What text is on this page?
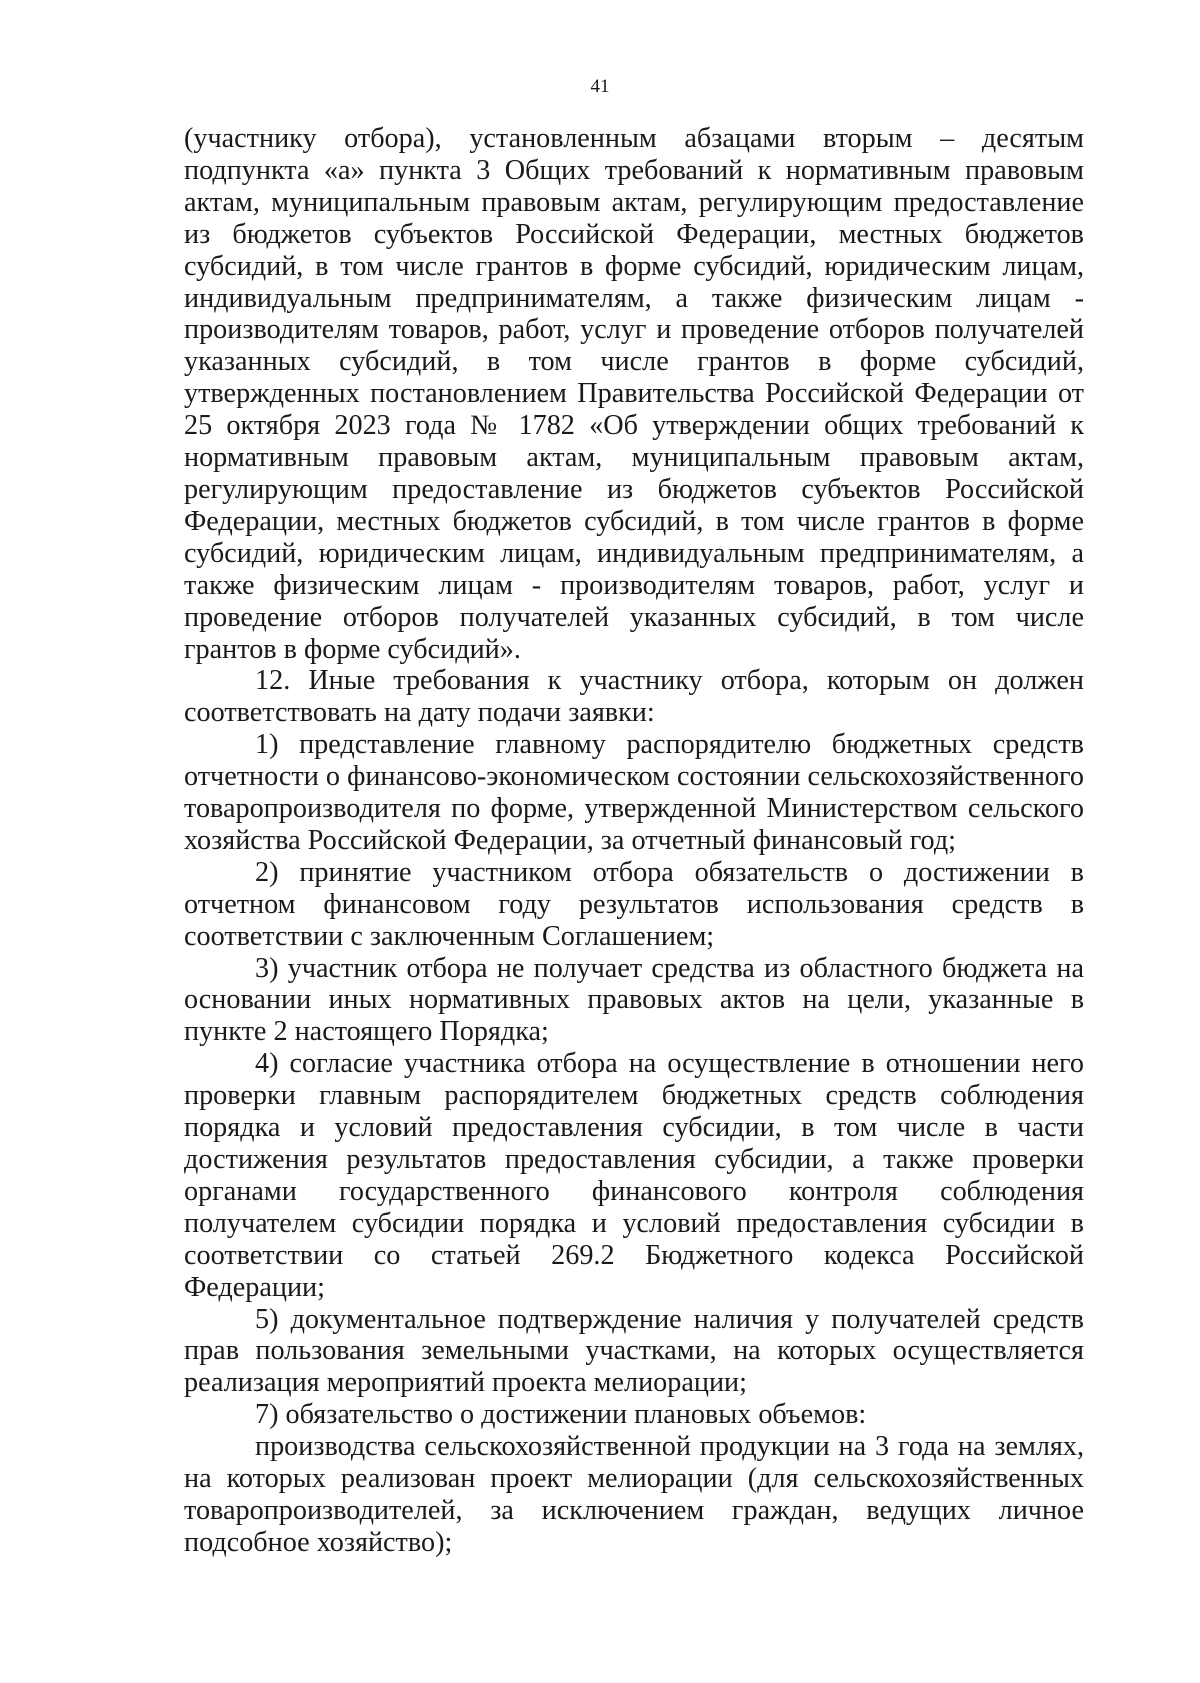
41

(участнику отбора), установленным абзацами вторым – десятым подпункта «а» пункта 3 Общих требований к нормативным правовым актам, муниципальным правовым актам, регулирующим предоставление из бюджетов субъектов Российской Федерации, местных бюджетов субсидий, в том числе грантов в форме субсидий, юридическим лицам, индивидуальным предпринимателям, а также физическим лицам - производителям товаров, работ, услуг и проведение отборов получателей указанных субсидий, в том числе грантов в форме субсидий, утвержденных постановлением Правительства Российской Федерации от 25 октября 2023 года № 1782 «Об утверждении общих требований к нормативным правовым актам, муниципальным правовым актам, регулирующим предоставление из бюджетов субъектов Российской Федерации, местных бюджетов субсидий, в том числе грантов в форме субсидий, юридическим лицам, индивидуальным предпринимателям, а также физическим лицам - производителям товаров, работ, услуг и проведение отборов получателей указанных субсидий, в том числе грантов в форме субсидий».

12. Иные требования к участнику отбора, которым он должен соответствовать на дату подачи заявки:

1) представление главному распорядителю бюджетных средств отчетности о финансово-экономическом состоянии сельскохозяйственного товаропроизводителя по форме, утвержденной Министерством сельского хозяйства Российской Федерации, за отчетный финансовый год;

2) принятие участником отбора обязательств о достижении в отчетном финансовом году результатов использования средств в соответствии с заключенным Соглашением;

3) участник отбора не получает средства из областного бюджета на основании иных нормативных правовых актов на цели, указанные в пункте 2 настоящего Порядка;

4) согласие участника отбора на осуществление в отношении него проверки главным распорядителем бюджетных средств соблюдения порядка и условий предоставления субсидии, в том числе в части достижения результатов предоставления субсидии, а также проверки органами государственного финансового контроля соблюдения получателем субсидии порядка и условий предоставления субсидии в соответствии со статьей 269.2 Бюджетного кодекса Российской Федерации;

5) документальное подтверждение наличия у получателей средств прав пользования земельными участками, на которых осуществляется реализация мероприятий проекта мелиорации;

7) обязательство о достижении плановых объемов:

производства сельскохозяйственной продукции на 3 года на землях, на которых реализован проект мелиорации (для сельскохозяйственных товаропроизводителей, за исключением граждан, ведущих личное подсобное хозяйство);
